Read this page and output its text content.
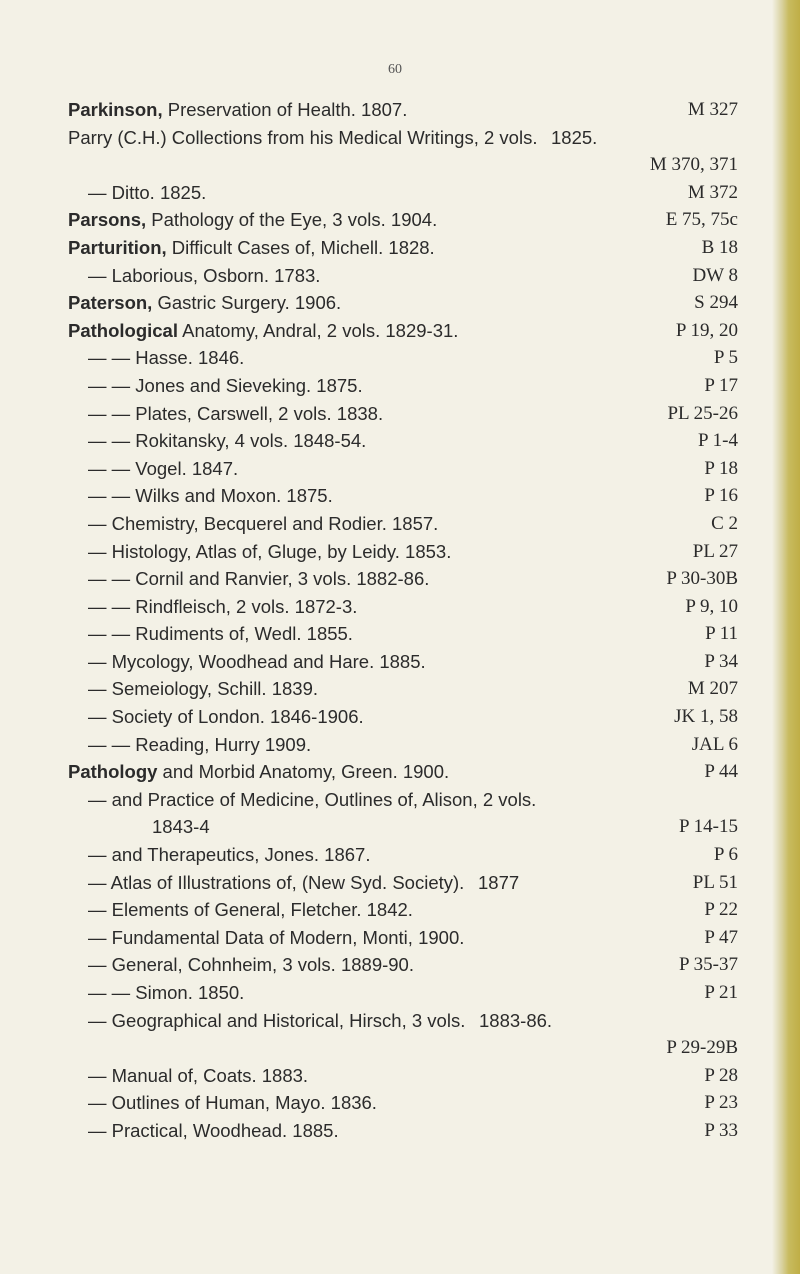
60
Parkinson, Preservation of Health. 1807.	M 327
Parry (C.H.) Collections from his Medical Writings, 2 vols. 1825.
M 370, 371
— Ditto. 1825.	M 372
Parsons, Pathology of the Eye, 3 vols. 1904.	E 75, 75c
Parturition, Difficult Cases of, Michell. 1828.	B 18
— Laborious, Osborn. 1783.	DW 8
Paterson, Gastric Surgery. 1906.	S 294
Pathological Anatomy, Andral, 2 vols. 1829-31.	P 19, 20
— — Hasse. 1846.	P 5
— — Jones and Sieveking. 1875.	P 17
— — Plates, Carswell, 2 vols. 1838.	PL 25-26
— — Rokitansky, 4 vols. 1848-54.	P 1-4
— — Vogel. 1847.	P 18
— — Wilks and Moxon. 1875.	P 16
— Chemistry, Becquerel and Rodier. 1857.	C 2
— Histology, Atlas of, Gluge, by Leidy. 1853.	PL 27
— — Cornil and Ranvier, 3 vols. 1882-86.	P 30-30B
— — Rindfleisch, 2 vols. 1872-3.	P 9, 10
— — Rudiments of, Wedl. 1855.	P 11
— Mycology, Woodhead and Hare. 1885.	P 34
— Semeiology, Schill. 1839.	M 207
— Society of London. 1846-1906.	JK 1, 58
— — Reading, Hurry 1909.	JAL 6
Pathology and Morbid Anatomy, Green. 1900.	P 44
— and Practice of Medicine, Outlines of, Alison, 2 vols.
1843-4	P 14-15
— and Therapeutics, Jones. 1867.	P 6
— Atlas of Illustrations of, (New Syd. Society). 1877	PL 51
— Elements of General, Fletcher. 1842.	P 22
— Fundamental Data of Modern, Monti, 1900.	P 47
— General, Cohnheim, 3 vols. 1889-90.	P 35-37
— — Simon. 1850.	P 21
— Geographical and Historical, Hirsch, 3 vols. 1883-86.
P 29-29B
— Manual of, Coats. 1883.	P 28
— Outlines of Human, Mayo. 1836.	P 23
— Practical, Woodhead. 1885.	P 33
